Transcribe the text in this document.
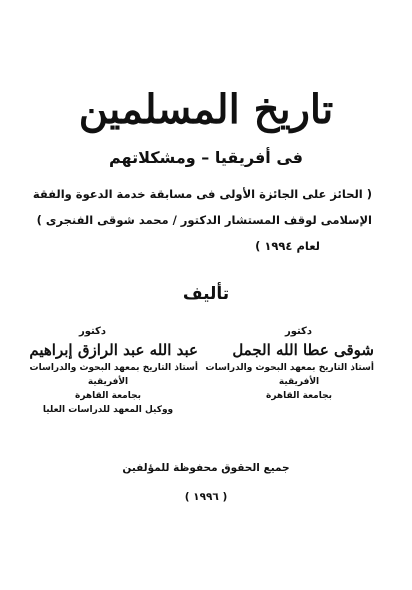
تاريخ المسلمين
فى أفريقيا – ومشكلاتهم
( الحائز على الجائزة الأولى فى مسابقة خدمة الدعوة والفقة
الإسلامى لوقف المستشار الدكتور / محمد شوقى الفنجرى )
لعام ١٩٩٤ )
تأليف
دكتور
شوقى عطا الله الجمل
أستاذ التاريخ بمعهد البحوث والدراسات
الأفريقية
بجامعة القاهرة
دكتور
عبد الله عبد الرازق إبراهيم
أستاذ التاريخ بمعهد البحوث والدراسات
الأفريقية
بجامعة القاهرة
ووكيل المعهد للدراسات العليا
جميع الحقوق محفوظة للمؤلفين
( ١٩٩٦ )
